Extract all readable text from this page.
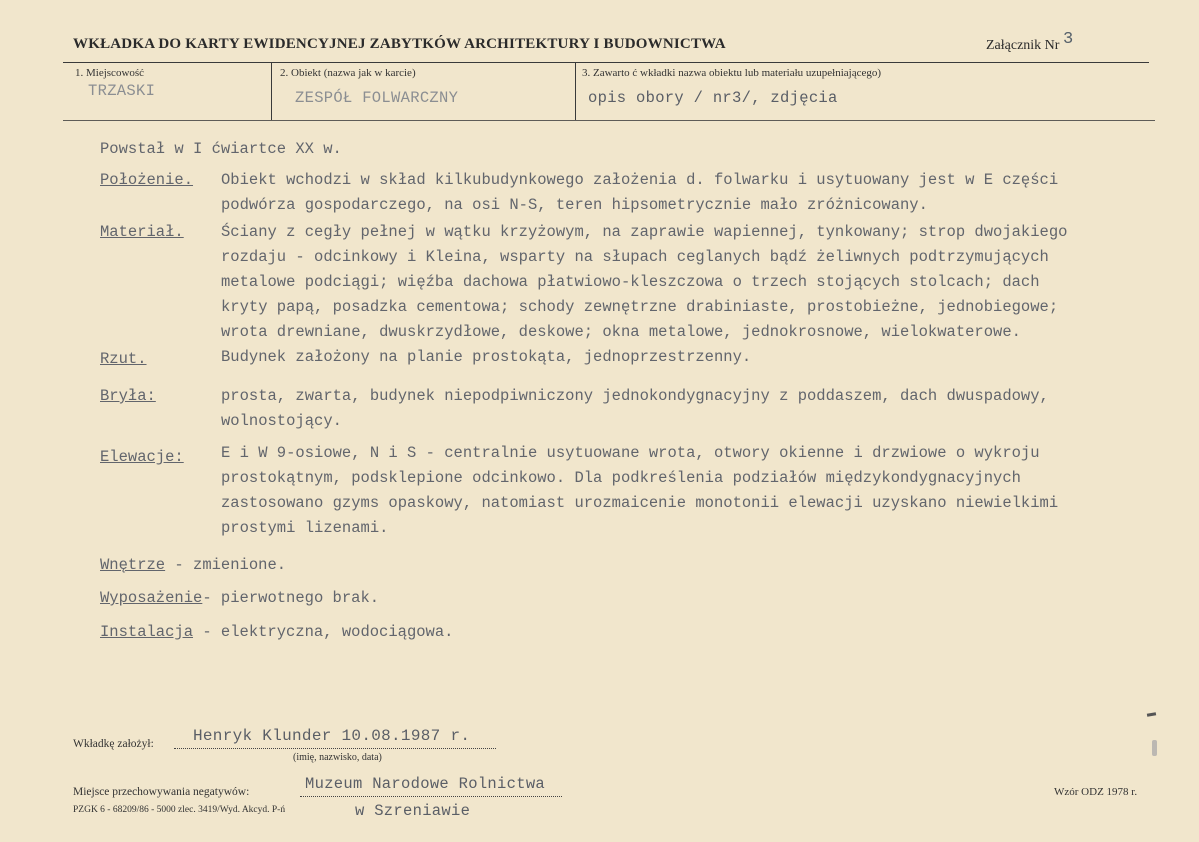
WKŁADKA DO KARTY EWIDENCYJNEJ ZABYTKÓW ARCHITEKTURY I BUDOWNICTWA	Załącznik Nr 3
1. Miejscowość
TRZASKI
2. Obiekt (nazwa jak w karcie)
ZESPÓŁ FOLWARCZNY
3. Zawarto ć wkładki nazwa obiektu lub materiału uzupełniającego)
opis obory / nr3/, zdjęcia
Powstał w I ćwiartce XX w.
Położenie. Obiekt wchodzi w skład kilkubudynkowego założenia d. folwarku i usytuowany jest w E części
podwórza gospodarczego, na osi N-S, teren hipsometrycznie mało zróżnicowany.
Materiał. Ściany z cegły pełnej w wątku krzyżowym, na zaprawie wapiennej, tynkowany; strop dwojakiego
rozdaju - odcinkowy i Kleina, wsparty na słupach ceglanych bądź żeliwnych podtrzymujących
metalowe podciągi; więźba dachowa płatwiowo-kleszczowa o trzech stojących stolcach; dach
kryty papą, posadzka cementowa; schody zewnętrzne drabiniaste, prostobieżne, jednobiegowe;
wrota drewniane, dwuskrzydłowe, deskowe; okna metalowe, jednokrosnowe, wielokwaterowe.
Rzut.	Budynek założony na planie prostokąta, jednoprzestrzenny.
Bryła:	prosta, zwarta, budynek niepodpiwniczony jednokondygnacyjny z poddaszem, dach dwuspadowy,
wolnostojący.
Elewacje: E i W 9-osiowe, N i S - centralnie usytuowane wrota, otwory okienne i drzwiowe o wykroju
prostokątnym, podsklepione odcinkowo. Dla podkreślenia podziałów międzykondygnacyjnych
zastosowano gzyms opaskowy, natomiast urozmaicenie monotonii elewacji uzyskano niewielkimi
prostymi lizenami.
Wnętrze - zmienione.
Wyposażenie- pierwotnego brak.
Instalacja - elektryczna, wodociągowa.
Wkładkę założył: Henryk Klunder 10.08.1987 r.
(imię, nazwisko, data)
Miejsce przechowywania negatywów:	Muzeum Narodowe Rolnictwa
w Szreniawie
PZGK 6 - 68209/86 - 5000 zlec. 3419/Wyd. Akcyd. P-ń
Wzór ODZ 1978 r.
